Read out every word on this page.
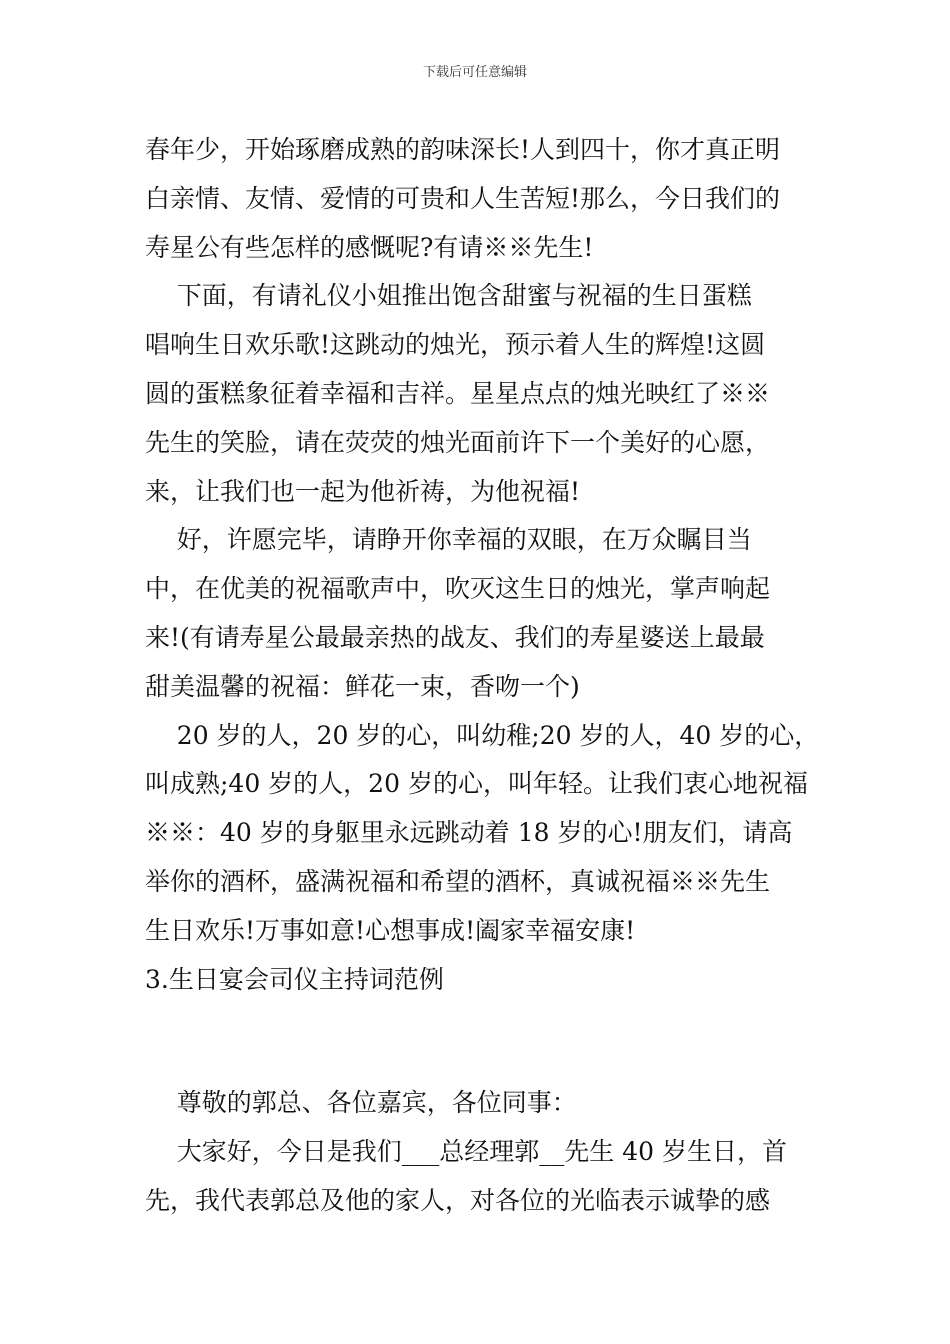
下载后可任意编辑

春年少，开始琢磨成熟的韵味深长!人到四十，你才真正明

白亲情、友情、爱情的可贵和人生苦短!那么，今日我们的

寿星公有些怎样的感慨呢?有请※※先生!

下面，有请礼仪小姐推出饱含甜蜜与祝福的生日蛋糕

唱响生日欢乐歌!这跳动的烛光，预示着人生的辉煌!这圆

圆的蛋糕象征着幸福和吉祥。星星点点的烛光映红了※※

先生的笑脸，请在荧荧的烛光面前许下一个美好的心愿，

来，让我们也一起为他祈祷，为他祝福!

好，许愿完毕，请睁开你幸福的双眼，在万众瞩目当

中，在优美的祝福歌声中，吹灭这生日的烛光，掌声响起

来!(有请寿星公最最亲热的战友、我们的寿星婆送上最最

甜美温馨的祝福：鲜花一束，香吻一个)

20 岁的人，20 岁的心，叫幼稚;20 岁的人，40 岁的心，

叫成熟;40 岁的人，20 岁的心，叫年轻。让我们衷心地祝福

※※：40 岁的身躯里永远跳动着 18 岁的心!朋友们，请高

举你的酒杯，盛满祝福和希望的酒杯，真诚祝福※※先生

生日欢乐!万事如意!心想事成!阖家幸福安康!

3.生日宴会司仪主持词范例

尊敬的郭总、各位嘉宾，各位同事：

大家好，今日是我们___总经理郭__先生 40 岁生日，首

先，我代表郭总及他的家人，对各位的光临表示诚挚的感
